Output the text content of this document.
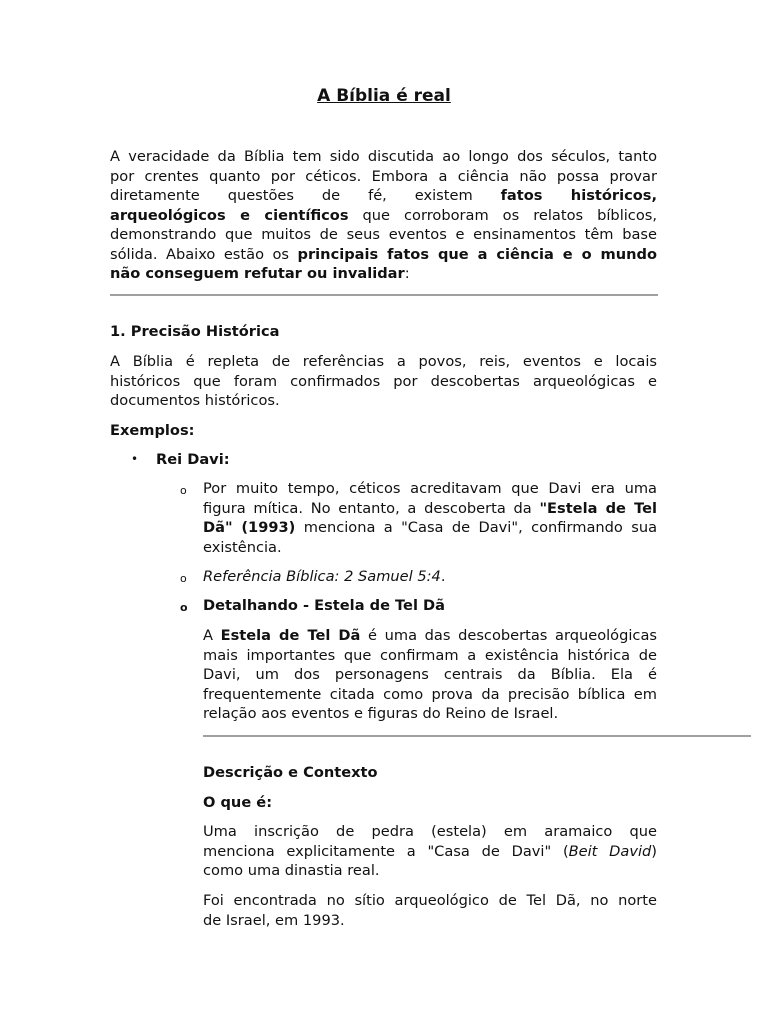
A Bíblia é real

A veracidade da Bíblia tem sido discutida ao longo dos séculos, tanto

por crentes quanto por céticos. Embora a ciência não possa provar

diretamente questões de fé, existem fatos históricos,

arqueológicos e científicos que corroboram os relatos bíblicos,

demonstrando que muitos de seus eventos e ensinamentos têm base

sólida. Abaixo estão os principais fatos que a ciência e o mundo

não conseguem refutar ou invalidar:

1. Precisão Histórica

A Bíblia é repleta de referências a povos, reis, eventos e locais

históricos que foram confirmados por descobertas arqueológicas e

documentos históricos.

Exemplos:
• Rei Davi:
o Por muito tempo, céticos acreditavam que Davi era uma

figura mítica. No entanto, a descoberta da "Estela de Tel

Dã" (1993) menciona a "Casa de Davi", confirmando sua

existência.

o Referência Bíblica: 2 Samuel 5:4.
o Detalhando - Estela de Tel Dã

A Estela de Tel Dã é uma das descobertas arqueológicas

mais importantes que confirmam a existência histórica de

Davi, um dos personagens centrais da Bíblia. Ela é

frequentemente citada como prova da precisão bíblica em

relação aos eventos e figuras do Reino de Israel.

Descrição e Contexto
O que é:

Uma inscrição de pedra (estela) em aramaico que

menciona explicitamente a "Casa de Davi" (Beit David)

como uma dinastia real.

Foi encontrada no sítio arqueológico de Tel Dã, no norte

de Israel, em 1993.
